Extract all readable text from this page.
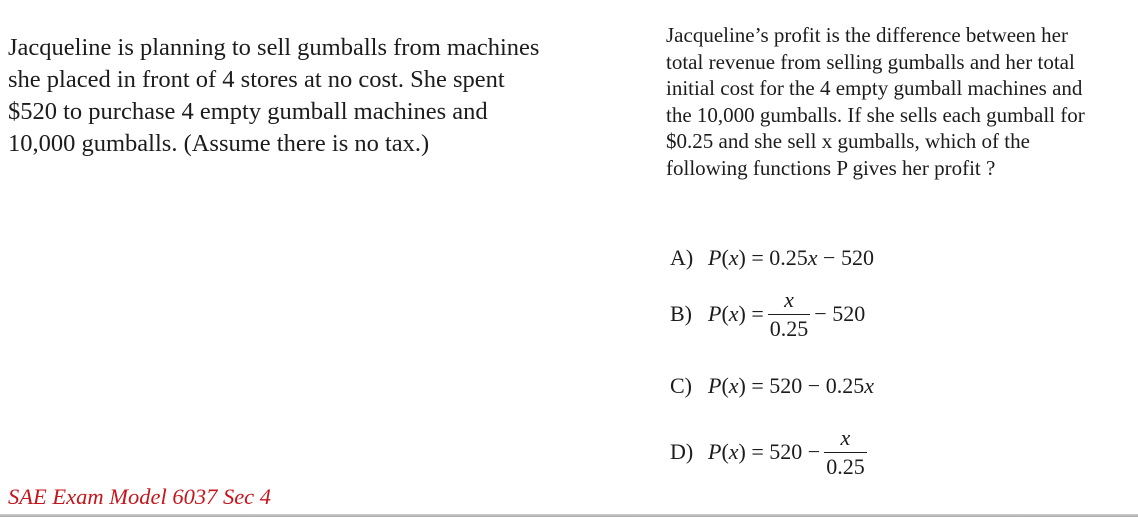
Jacqueline is planning to sell gumballs from machines
she placed in front of 4 stores at no cost. She spent
$520 to purchase 4 empty gumball machines and
10,000 gumballs. (Assume there is no tax.)
Jacqueline’s profit is the difference between her
total revenue from selling gumballs and her total
initial cost for the 4 empty gumball machines and
the 10,000 gumballs. If she sells each gumball for
$0.25 and she sell x gumballs, which of the
following functions P gives her profit ?
A) P(x) = 0.25x − 520
B) $P(x) = \frac{x}{0.25} - 520$
C) P(x) = 520 − 0.25x
D) $P(x) = 520 - \frac{x}{0.25}$
SAE Exam Model 6037 Sec 4
